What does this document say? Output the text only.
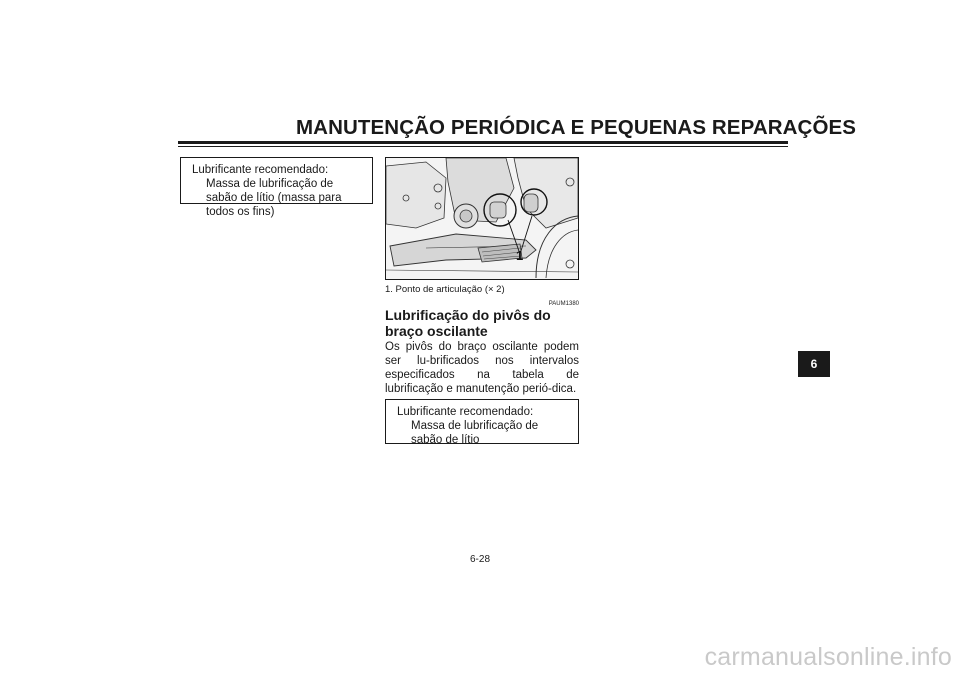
MANUTENÇÃO PERIÓDICA E PEQUENAS REPARAÇÕES
Lubrificante recomendado:
Massa de lubrificação de sabão de lítio (massa para todos os fins)
1
1. Ponto de articulação (× 2)
PAUM1380
Lubrificação do pivôs do braço oscilante
Os pivôs do braço oscilante podem ser lu-brificados nos intervalos especificados na tabela de lubrificação e manutenção perió-dica.
Lubrificante recomendado:
Massa de lubrificação de sabão de lítio
6
6-28
carmanualsonline.info
